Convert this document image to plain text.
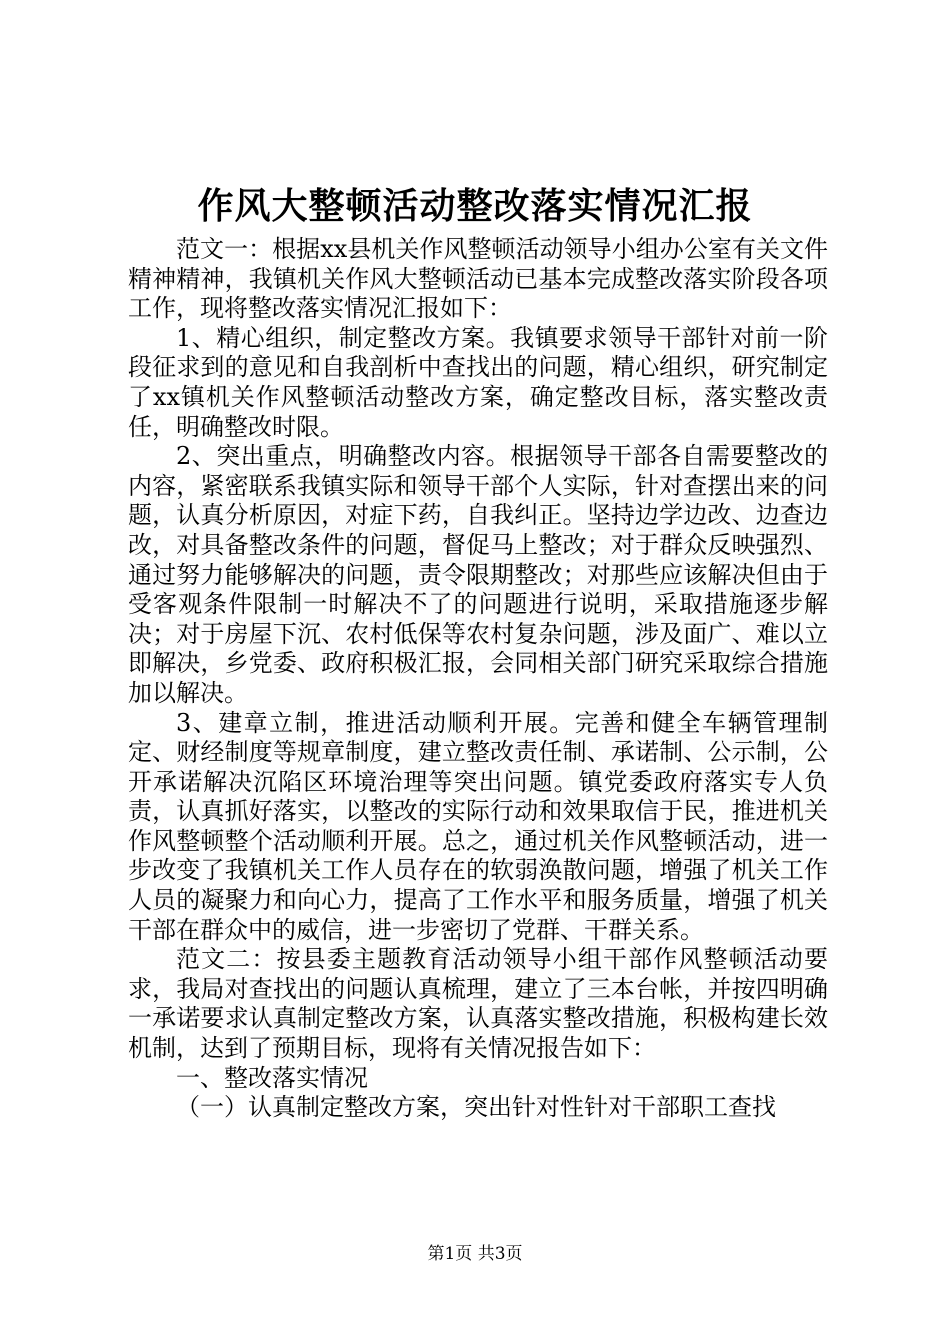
作风大整顿活动整改落实情况汇报

范文一：根据xx县机关作风整顿活动领导小组办公室有关文件精神精神，我镇机关作风大整顿活动已基本完成整改落实阶段各项工作，现将整改落实情况汇报如下：

1、精心组织，制定整改方案。我镇要求领导干部针对前一阶段征求到的意见和自我剖析中查找出的问题，精心组织，研究制定了xx镇机关作风整顿活动整改方案，确定整改目标，落实整改责任，明确整改时限。

2、突出重点，明确整改内容。根据领导干部各自需要整改的内容，紧密联系我镇实际和领导干部个人实际，针对查摆出来的问题，认真分析原因，对症下药，自我纠正。坚持边学边改、边查边改，对具备整改条件的问题，督促马上整改；对于群众反映强烈、通过努力能够解决的问题，责令限期整改；对那些应该解决但由于受客观条件限制一时解决不了的问题进行说明，采取措施逐步解决；对于房屋下沉、农村低保等农村复杂问题，涉及面广、难以立即解决，乡党委、政府积极汇报，会同相关部门研究采取综合措施加以解决。

3、建章立制，推进活动顺利开展。完善和健全车辆管理制定、财经制度等规章制度，建立整改责任制、承诺制、公示制，公开承诺解决沉陷区环境治理等突出问题。镇党委政府落实专人负责，认真抓好落实，以整改的实际行动和效果取信于民，推进机关作风整顿整个活动顺利开展。总之，通过机关作风整顿活动，进一步改变了我镇机关工作人员存在的软弱涣散问题，增强了机关工作人员的凝聚力和向心力，提高了工作水平和服务质量，增强了机关干部在群众中的威信，进一步密切了党群、干群关系。

范文二：按县委主题教育活动领导小组干部作风整顿活动要求，我局对查找出的问题认真梳理，建立了三本台帐，并按四明确一承诺要求认真制定整改方案，认真落实整改措施，积极构建长效机制，达到了预期目标，现将有关情况报告如下：

一、整改落实情况

（一）认真制定整改方案，突出针对性针对干部职工查找

第1页 共3页
